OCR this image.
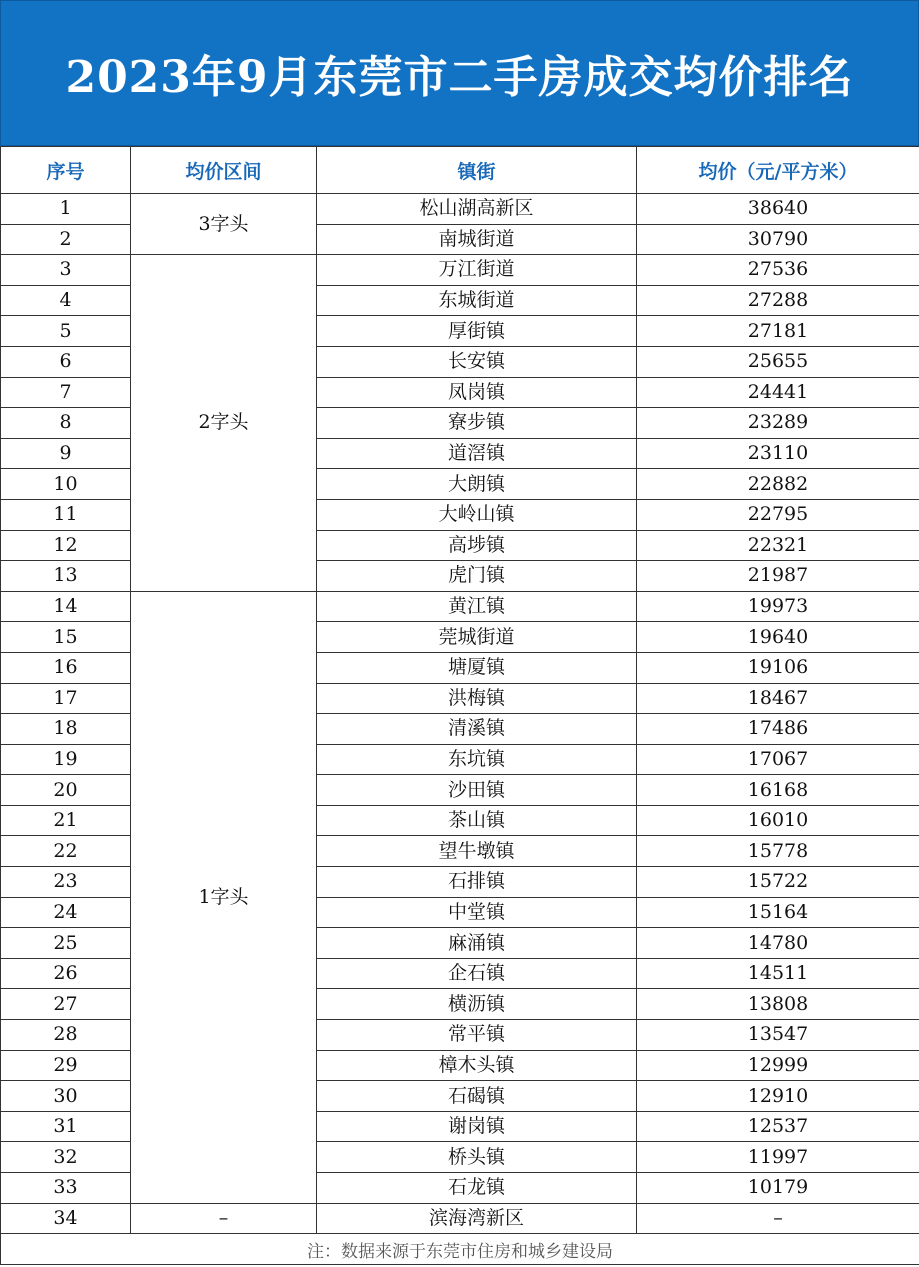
2023年9月东莞市二手房成交均价排名
序号	均价区间	镇街	均价（元/平方米）
1	3字头	松山湖高新区	38640
2		南城街道	30790
3	2字头	万江街道	27536
4		东城街道	27288
5		厚街镇	27181
6		长安镇	25655
7		凤岗镇	24441
8		寮步镇	23289
9		道滘镇	23110
10		大朗镇	22882
11		大岭山镇	22795
12		高埗镇	22321
13		虎门镇	21987
14	1字头	黄江镇	19973
15		莞城街道	19640
16		塘厦镇	19106
17		洪梅镇	18467
18		清溪镇	17486
19		东坑镇	17067
20		沙田镇	16168
21		茶山镇	16010
22		望牛墩镇	15778
23		石排镇	15722
24		中堂镇	15164
25		麻涌镇	14780
26		企石镇	14511
27		横沥镇	13808
28		常平镇	13547
29		樟木头镇	12999
30		石碣镇	12910
31		谢岗镇	12537
32		桥头镇	11997
33		石龙镇	10179
34	–	滨海湾新区	–
注：数据来源于东莞市住房和城乡建设局			
